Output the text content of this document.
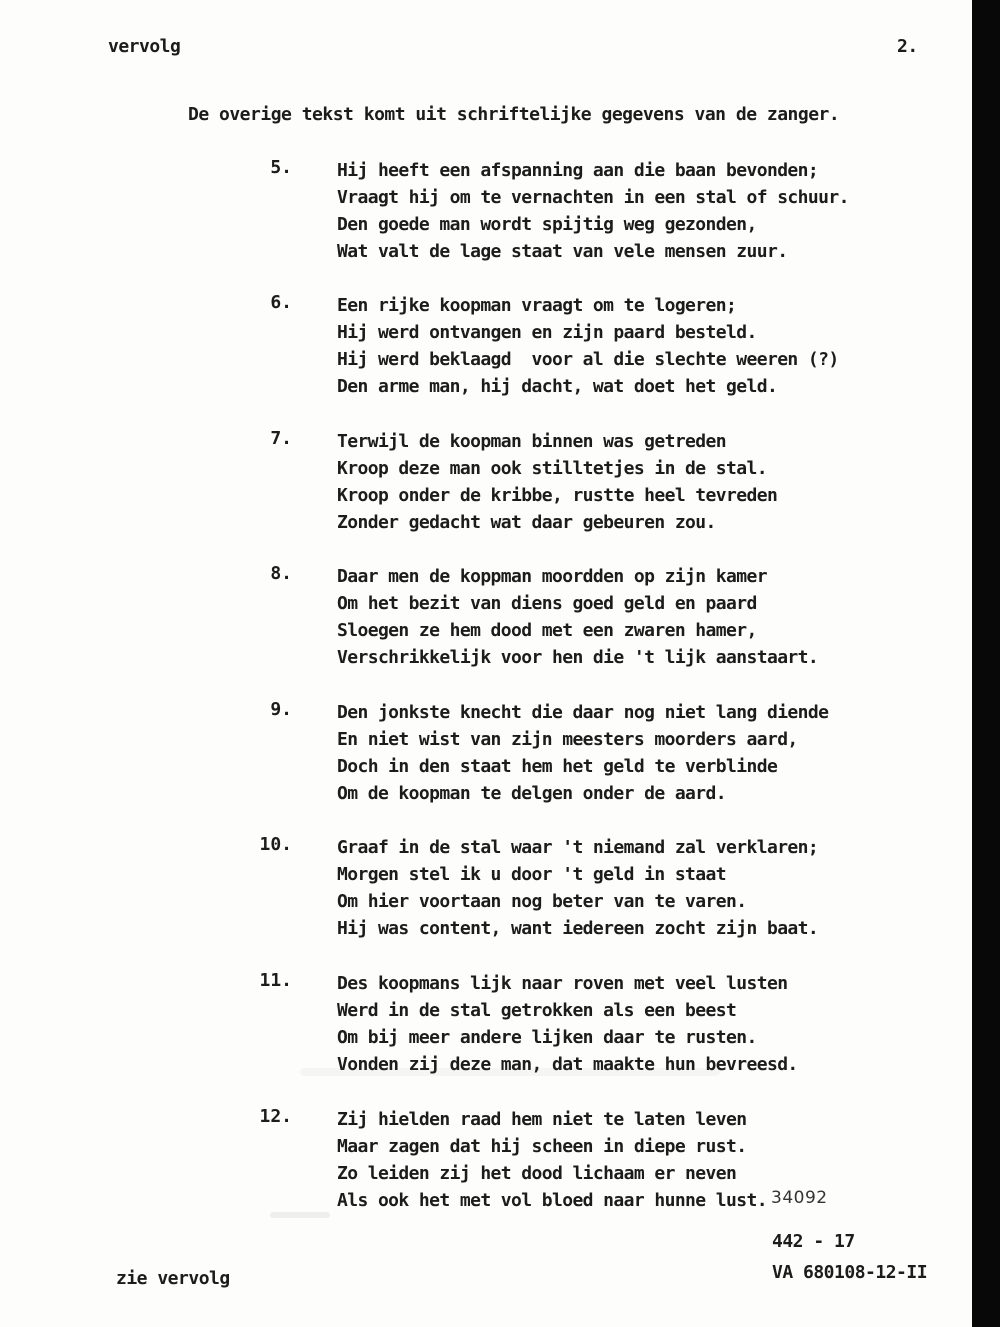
vervolg	2.
De overige tekst komt uit schriftelijke gegevens van de zanger.
5.	Hij heeft een afspanning aan die baan bevonden;
Vraagt hij om te vernachten in een stal of schuur.
Den goede man wordt spijtig weg gezonden,
Wat valt de lage staat van vele mensen zuur.
6.	Een rijke koopman vraagt om te logeren;
Hij werd ontvangen en zijn paard besteld.
Hij werd beklaagd  voor al die slechte weeren (?)
Den arme man, hij dacht, wat doet het geld.
7.	Terwijl de koopman binnen was getreden
Kroop deze man ook stilltetjes in de stal.
Kroop onder de kribbe, rustte heel tevreden
Zonder gedacht wat daar gebeuren zou.
8.	Daar men de koppman moordden op zijn kamer
Om het bezit van diens goed geld en paard
Sloegen ze hem dood met een zwaren hamer,
Verschrikkelijk voor hen die 't lijk aanstaart.
9.	Den jonkste knecht die daar nog niet lang diende
En niet wist van zijn meesters moorders aard,
Doch in den staat hem het geld te verblinde
Om de koopman te delgen onder de aard.
10.	Graaf in de stal waar 't niemand zal verklaren;
Morgen stel ik u door 't geld in staat
Om hier voortaan nog beter van te varen.
Hij was content, want iedereen zocht zijn baat.
11.	Des koopmans lijk naar roven met veel lusten
Werd in de stal getrokken als een beest
Om bij meer andere lijken daar te rusten.
Vonden zij deze man, dat maakte hun bevreesd.
12.	Zij hielden raad hem niet te laten leven
Maar zagen dat hij scheen in diepe rust.
Zo leiden zij het dood lichaam er neven
Als ook het met vol bloed naar hunne lust. 34092
442 - 17
VA 680108-12-II
zie vervolg
